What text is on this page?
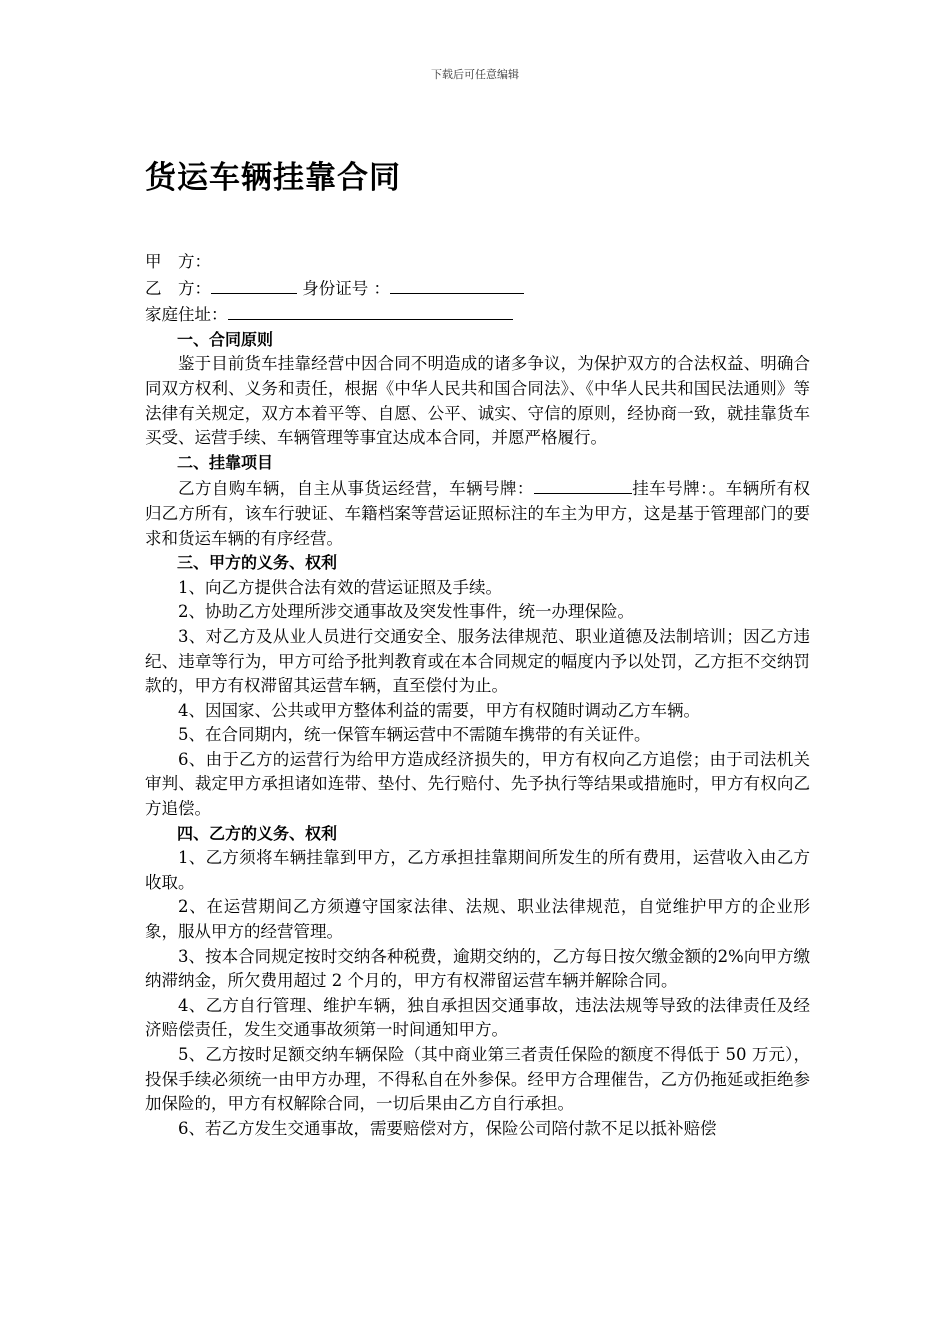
下载后可任意编辑
货运车辆挂靠合同

甲　方：

乙　方：	身份证号 ：

家庭住址：

一、合同原则

鉴于目前货车挂靠经营中因合同不明造成的诸多争议，为保护双方的合法权益、明确合同双方权利、义务和责任，根据《中华人民共和国合同法》、《中华人民共和国民法通则》等法律有关规定，双方本着平等、自愿、公平、诚实、守信的原则，经协商一致，就挂靠货车买受、运营手续、车辆管理等事宜达成本合同，并愿严格履行。

二、挂靠项目

乙方自购车辆，自主从事货运经营，车辆号牌：	挂车号牌：。车辆所有权归乙方所有，该车行驶证、车籍档案等营运证照标注的车主为甲方，这是基于管理部门的要求和货运车辆的有序经营。

三、甲方的义务、权利

1、向乙方提供合法有效的营运证照及手续。

2、协助乙方处理所涉交通事故及突发性事件，统一办理保险。

3、对乙方及从业人员进行交通安全、服务法律规范、职业道德及法制培训；因乙方违纪、违章等行为，甲方可给予批判教育或在本合同规定的幅度内予以处罚，乙方拒不交纳罚款的，甲方有权滞留其运营车辆，直至偿付为止。

4、因国家、公共或甲方整体利益的需要，甲方有权随时调动乙方车辆。

5、在合同期内，统一保管车辆运营中不需随车携带的有关证件。

6、由于乙方的运营行为给甲方造成经济损失的，甲方有权向乙方追偿；由于司法机关审判、裁定甲方承担诸如连带、垫付、先行赔付、先予执行等结果或措施时，甲方有权向乙方追偿。

四、乙方的义务、权利

1、乙方须将车辆挂靠到甲方，乙方承担挂靠期间所发生的所有费用，运营收入由乙方收取。

2、在运营期间乙方须遵守国家法律、法规、职业法律规范，自觉维护甲方的企业形象，服从甲方的经营管理。

3、按本合同规定按时交纳各种税费，逾期交纳的，乙方每日按欠缴金额的2%向甲方缴纳滞纳金，所欠费用超过 2 个月的，甲方有权滞留运营车辆并解除合同。

4、乙方自行管理、维护车辆，独自承担因交通事故，违法法规等导致的法律责任及经济赔偿责任，发生交通事故须第一时间通知甲方。

5、乙方按时足额交纳车辆保险（其中商业第三者责任保险的额度不得低于 50 万元），投保手续必须统一由甲方办理，不得私自在外参保。经甲方合理催告，乙方仍拖延或拒绝参加保险的，甲方有权解除合同，一切后果由乙方自行承担。

6、若乙方发生交通事故，需要赔偿对方，保险公司陪付款不足以抵补赔偿
